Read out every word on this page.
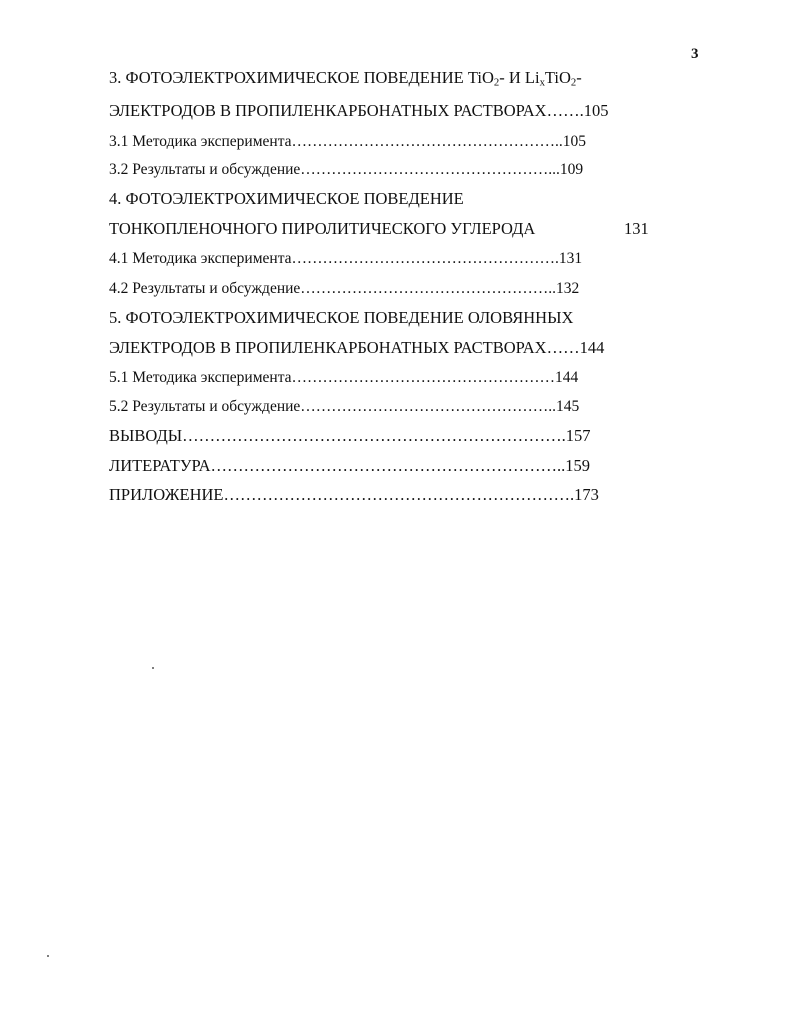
3
3. ФОТОЭЛЕКТРОХИМИЧЕСКОЕ ПОВЕДЕНИЕ TiO$_2$- И $Li_xTiO_2-$
ЭЛЕКТРОДОВ В ПРОПИЛЕНКАРБОНАТНЫХ РАСТВОРАХ…….105
3.1 Методика эксперимента……………………………………………..105
3.2 Результаты и обсуждение…………………………………………...109
4. ФОТОЭЛЕКТРОХИМИЧЕСКОЕ ПОВЕДЕНИЕ
ТОНКОПЛЕНОЧНОГО ПИРОЛИТИЧЕСКОГО УГЛЕРОДА	131
4.1 Методика эксперимента…………………………………………….131
4.2 Результаты и обсуждение…………………………………………..132
5. ФОТОЭЛЕКТРОХИМИЧЕСКОЕ ПОВЕДЕНИЕ ОЛОВЯННЫХ
ЭЛЕКТРОДОВ В ПРОПИЛЕНКАРБОНАТНЫХ РАСТВОРАХ……144
5.1 Методика эксперимента……………………………………………144
5.2 Результаты и обсуждение…………………………………………..145
ВЫВОДЫ…………………………………………………………….157
ЛИТЕРАТУРА………………………………………………………..159
ПРИЛОЖЕНИЕ……………………………………………………….173
